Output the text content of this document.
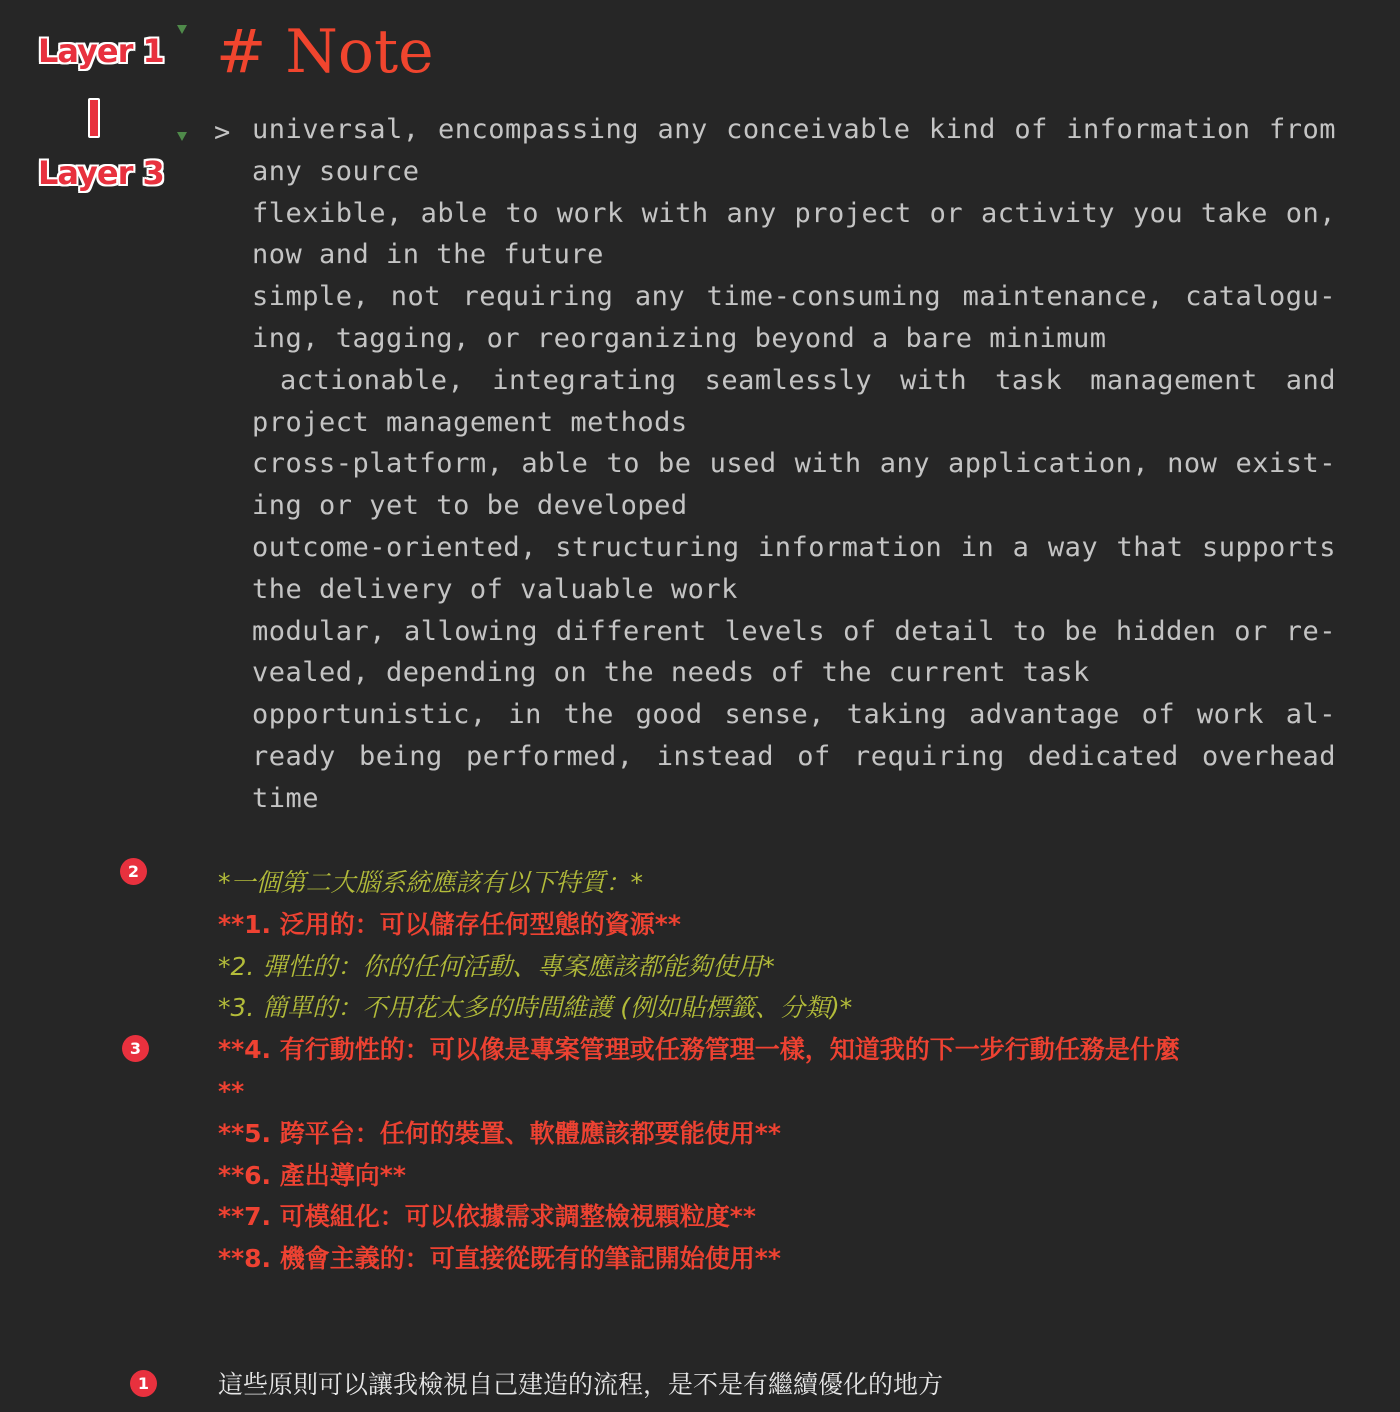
Layer 1
Layer 3
# Note
> universal, encompassing any conceivable kind of information from any source

flexible, able to work with any project or activity you take on, now and in the future

simple, not requiring any time-consuming maintenance, catalogu- ing, tagging, or reorganizing beyond a bare minimum

actionable, integrating seamlessly with task management and project management methods

cross-platform, able to be used with any application, now exist- ing or yet to be developed

outcome-oriented, structuring information in a way that supports the delivery of valuable work

modular, allowing different levels of detail to be hidden or re- vealed, depending on the needs of the current task

opportunistic, in the good sense, taking advantage of work al- ready being performed, instead of requiring dedicated overhead time

2
3
1
*一個第二大腦系統應該有以下特質：*
**1. 泛用的：可以儲存任何型態的資源**
*2. 彈性的：你的任何活動、專案應該都能夠使用*
*3. 簡單的：不用花太多的時間維護 (例如貼標籤、分類)*
**4. 有行動性的：可以像是專案管理或任務管理一樣，知道我的下一步行動任務是什麼
**
**5. 跨平台：任何的裝置、軟體應該都要能使用**
**6. 產出導向**
**7. 可模組化：可以依據需求調整檢視顆粒度**
**8. 機會主義的：可直接從既有的筆記開始使用**
這些原則可以讓我檢視自己建造的流程，是不是有繼續優化的地方
